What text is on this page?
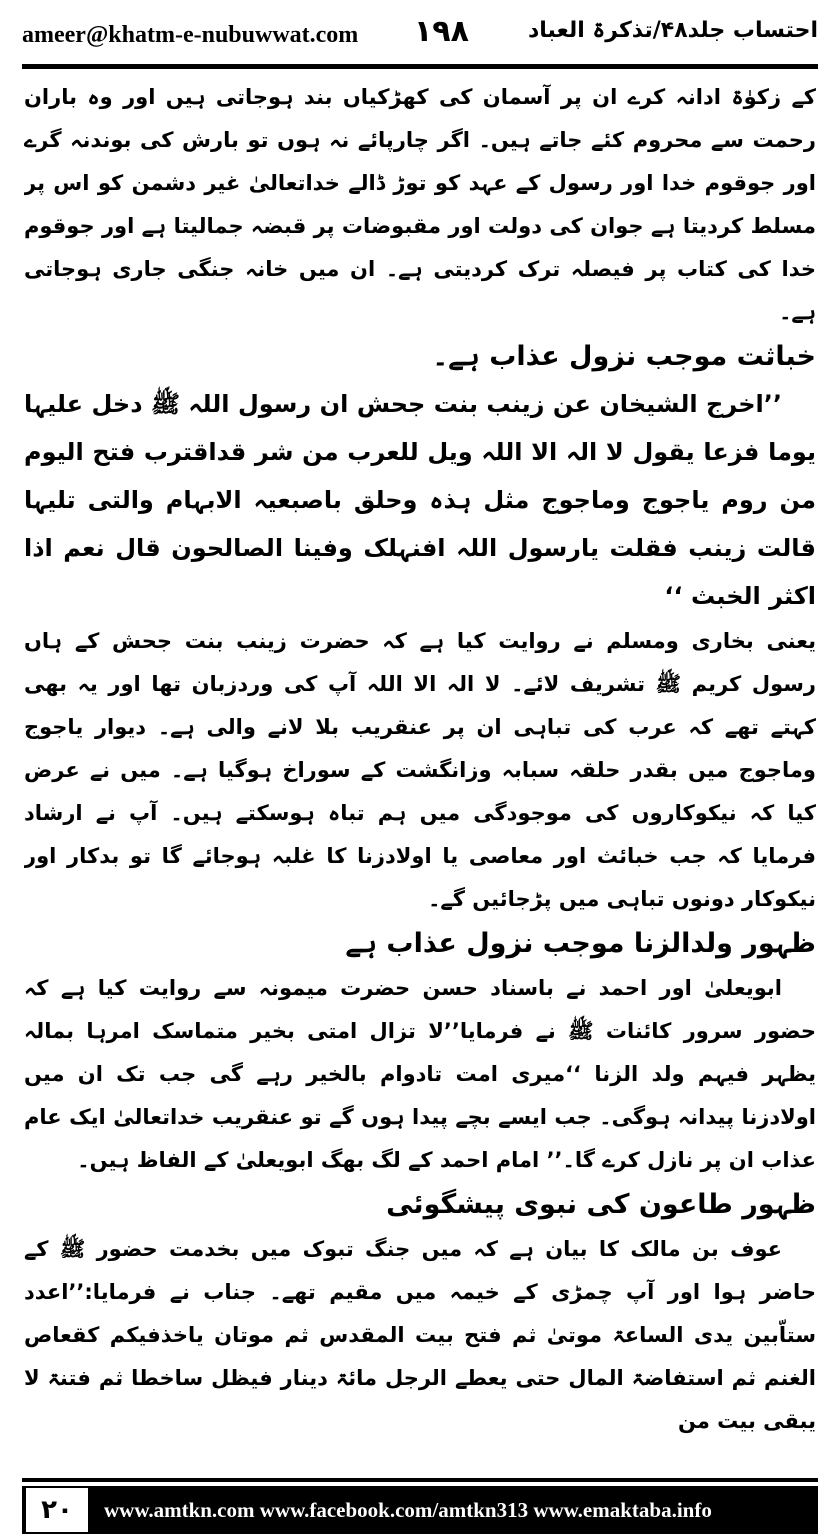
ameer@khatm-e-nubuwwat.com ١٩٨	احتساب جلد۴۸/تذکرۃ العباد

کے زکوٰۃ ادانہ کرے ان پر آسمان کی کھڑکیاں بند ہوجاتی ہیں اور وہ باران رحمت سے محروم کئے جاتے ہیں۔ اگر چارپائے نہ ہوں تو بارش کی بوندنہ گرے اور جوقوم خدا اور رسول کے عہد کو توڑ ڈالے خداتعالیٰ غیر دشمن کو اس پر مسلط کردیتا ہے جوان کی دولت اور مقبوضات پر قبضہ جمالیتا ہے اور جوقوم خدا کی کتاب پر فیصلہ ترک کردیتی ہے۔ ان میں خانہ جنگی جاری ہوجاتی ہے۔

خباثت موجب نزول عذاب ہے۔

’’اخرج الشیخان عن زینب بنت جحش ان رسول اللہ ﷺ دخل علیہا یوما فزعا یقول لا الہ الا اللہ ویل للعرب من شر قداقترب فتح الیوم من روم یاجوج وماجوج مثل ہذہ وحلق باصبعیہ الابہام والتی تلیہا قالت زینب فقلت یارسول اللہ افنہلک وفینا الصالحون قال نعم اذا اکثر الخبث ‘‘

یعنی بخاری ومسلم نے روایت کیا ہے کہ حضرت زینب بنت جحش کے ہاں رسول کریم ﷺ تشریف لائے۔ لا الہ الا اللہ آپ کی وردزبان تھا اور یہ بھی کہتے تھے کہ عرب کی تباہی ان پر عنقریب بلا لانے والی ہے۔ دیوار یاجوج وماجوج میں بقدر حلقہ سبابہ وزانگشت کے سوراخ ہوگیا ہے۔ میں نے عرض کیا کہ نیکوکاروں کی موجودگی میں ہم تباہ ہوسکتے ہیں۔ آپ نے ارشاد فرمایا کہ جب خبائث اور معاصی یا اولادزنا کا غلبہ ہوجائے گا تو بدکار اور نیکوکار دونوں تباہی میں پڑجائیں گے۔

ظہور ولدالزنا موجب نزول عذاب ہے

ابویعلیٰ اور احمد نے باسناد حسن حضرت میمونہ سے روایت کیا ہے کہ حضور سرور کائنات ﷺ نے فرمایا’’لا تزال امتی بخیر متماسک امرہا بمالہ یظہر فیہم ولد الزنا ‘‘میری امت تادوام بالخیر رہے گی جب تک ان میں اولادزنا پیدانہ ہوگی۔ جب ایسے بچے پیدا ہوں گے تو عنقریب خداتعالیٰ ایک عام عذاب ان پر نازل کرے گا۔’’ امام احمد کے لگ بھگ ابویعلیٰ کے الفاظ ہیں۔

ظہور طاعون کی نبوی پیشگوئی

عوف بن مالک کا بیان ہے کہ میں جنگ تبوک میں بخدمت حضور ﷺ کے حاضر ہوا اور آپ چمڑی کے خیمہ میں مقیم تھے۔ جناب نے فرمایا:’’اعدد ستاّبین یدی الساعۃ موتیٰ ثم فتح بیت المقدس ثم موتان یاخذفیکم کقعاص الغنم ثم استفاضۃ المال حتی یعطے الرجل مائۃ دینار فیظل ساخطا ثم فتنۃ لا یبقی بیت من

۲۰	www.amtkn.com www.facebook.com/amtkn313 www.emaktaba.info
